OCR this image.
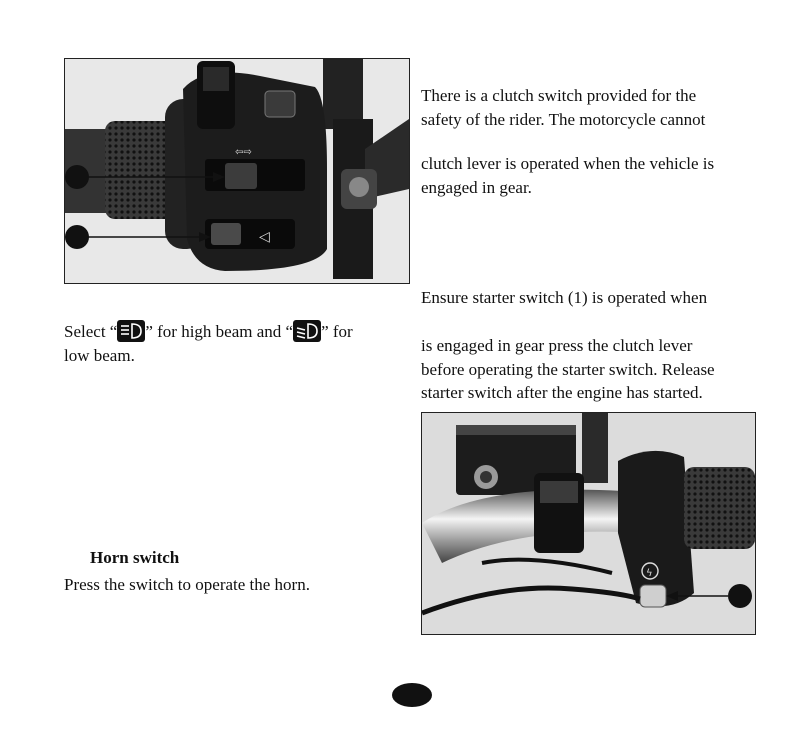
⇦⇨
◁
There is a clutch switch provided for the
safety of the rider. The motorcycle cannot
clutch lever is operated when the vehicle is
engaged in gear.
Ensure starter switch (1) is operated when
is engaged in gear press the clutch lever
before operating the starter switch. Release
starter switch after the engine has started.
Select “ ” for high beam and “ ” for
low beam.
Horn switch
Press the switch to operate the horn.
ϟ
